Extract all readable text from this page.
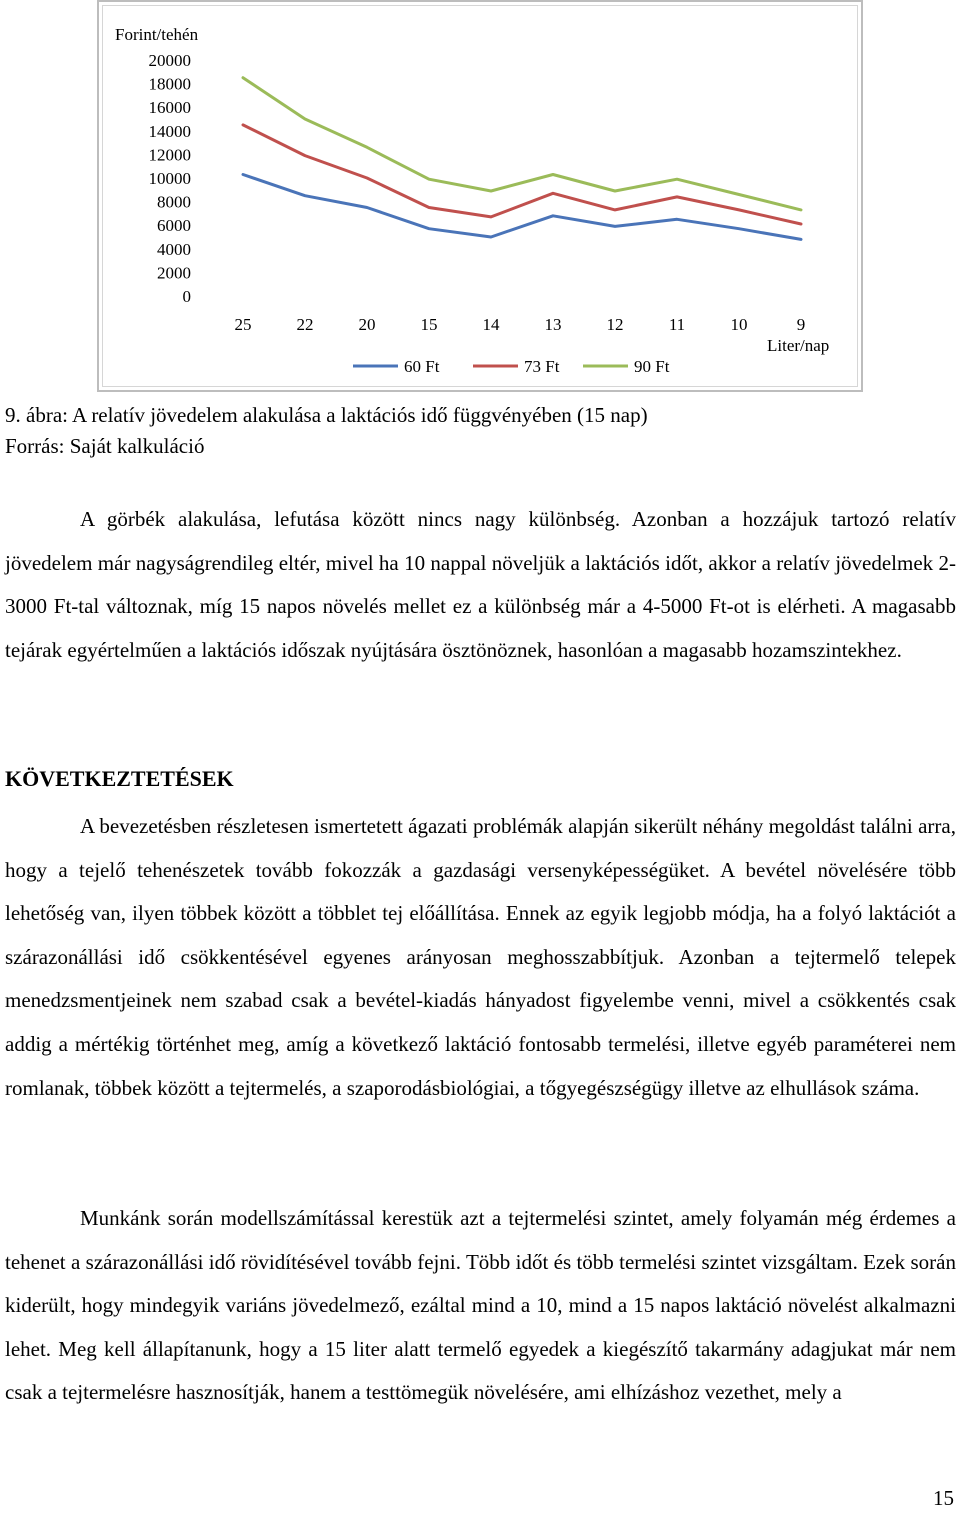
Forint/tehén
Liter/nap
0
2000
4000
6000
8000
10000
12000
14000
16000
18000
20000
25	22	20	15	14	13	12	11	10	9
60 Ft	73 Ft	90 Ft
9. ábra: A relatív jövedelem alakulása a laktációs idő függvényében (15 nap)
Forrás: Saját kalkuláció

A görbék alakulása, lefutása között nincs nagy különbség. Azonban a hozzájuk tartozó relatív jövedelem már nagyságrendileg eltér, mivel ha 10 nappal növeljük a laktációs időt, akkor a relatív jövedelmek 2-3000 Ft-tal változnak, míg 15 napos növelés mellet ez a különbség már a 4-5000 Ft-ot is elérheti. A magasabb tejárak egyértelműen a laktációs időszak nyújtására ösztönöznek, hasonlóan a magasabb hozamszintekhez.

KÖVETKEZTETÉSEK

A bevezetésben részletesen ismertetett ágazati problémák alapján sikerült néhány megoldást találni arra, hogy a tejelő tehenészetek tovább fokozzák a gazdasági versenyképességüket. A bevétel növelésére több lehetőség van, ilyen többek között a többlet tej előállítása. Ennek az egyik legjobb módja, ha a folyó laktációt a szárazonállási idő csökkentésével egyenes arányosan meghosszabbítjuk. Azonban a tejtermelő telepek menedzsmentjeinek nem szabad csak a bevétel-kiadás hányadost figyelembe venni, mivel a csökkentés csak addig a mértékig történhet meg, amíg a következő laktáció fontosabb termelési, illetve egyéb paraméterei nem romlanak, többek között a tejtermelés, a szaporodásbiológiai, a tőgyegészségügy illetve az elhullások száma.

Munkánk során modellszámítással kerestük azt a tejtermelési szintet, amely folyamán még érdemes a tehenet a szárazonállási idő rövidítésével tovább fejni. Több időt és több termelési szintet vizsgáltam. Ezek során kiderült, hogy mindegyik variáns jövedelmező, ezáltal mind a 10, mind a 15 napos laktáció növelést alkalmazni lehet. Meg kell állapítanunk, hogy a 15 liter alatt termelő egyedek a kiegészítő takarmány adagjukat már nem csak a tejtermelésre hasznosítják, hanem a testtömegük növelésére, ami elhízáshoz vezethet, mely a

15
